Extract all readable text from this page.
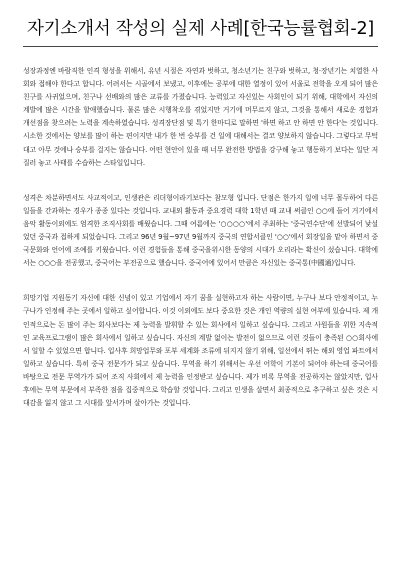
자기소개서 작성의 실제 사례[한국능률협회-2]

성장과정엔 바람직한 인격 형성을 위해서, 유년 시절은 자연과 벗하고, 청소년기는 친구와 벗하고, 청·장년기는 치열한 사회와 접해야 한다고 합니다. 어려서는 시골에서 보냈고, 이후에는 공부에 대한 열정이 있어 서울로 전학을 오게 되어 많은 친구를 사귀었으며, 친구나 선배와의 많은 교류를 가졌습니다. 능력있고 자신있는 사회인이 되기 위해, 대학에서 자신의 계발에 많은 시간을 할애했습니다. 물론 많은 시행착오를 겪었지만 거기에 머무르지 않고, 그것을 통해서 새로운 경험과 개선점을 찾으려는 노력을 계속하였습니다. 성격장단점 및 특기 한마디로 말하면 '하면 하고 안 하면 안 한다'는 것입니다. 시소한 것에서는 양보를 많이 하는 편이지만 내가 한 번 승부를 건 일에 대해서는 결코 양보하지 않습니다. 그렇다고 무턱대고 아무 것에나 승부를 걸지는 않습니다. 어떤 현안이 있을 때 너무 완전한 방법을 강구해 놓고 행동하기 보다는 일단 저질러 놓고 사태를 수습하는 스타일입니다.

성격은 차분하면서도 사교적이고, 인생관은 리더형이라기보다는 참모형 입니다. 단점은 한가지 일에 너무 몰두하여 다른 일들을 간과하는 경우가 종종 있다는 것입니다. 교내외 활동과 중요경력 대학 1학년 때 교내 써클인 ○○에 들어 거기에서 음악 활동이외에도 엄격한 조직사회를 배웠습니다. 그때 여름에는 '○○○○'에서 주최하는 '중국연수단'에 선발되어 낯설었던 중국과 접하게 되었습니다. 그리고 96년 9월~97년 9월까지 중국의 연합서클인 '○○'에서 회장일을 맡아 하면서 중국문화와 언어에 조예를 키웠습니다. 이런 경험들을 통해 중국을위시한 동양의 시대가 오리라는 확신이 섰습니다. 대학에서는 ○○○을 전공했고, 중국어는 부전공으로 했습니다. 중국어에 있어서 만큼은 자신있는 중국통(中國通)입니다.

희망기업 지원동기 자신에 대한 신념이 있고 기업에서 자기 꿈을 실현하고자 하는 사람이면, 누구나 보다 안정적이고, 누구나가 인정해 주는 곳에서 일하고 싶어합니다. 이것 이외에도 보다 중요한 것은 개인 역량의 실현 여부에 있습니다. 제 개인적으로는 돈 많이 주는 회사보다는 제 능력을 발휘할 수 있는 회사에서 일하고 싶습니다. 그리고 사원들을 위한 지속적인 교육프로그램이 많은 회사에서 일하고 싶습니다. 자신의 계발 없이는 발전이 없으므로 이런 것들이 충족된 ○○회사에서 일할 수 있었으면 합니다. 입사후 희망업무와 포부 세계화 조류에 뒤지지 않기 위해, 일선에서 뛰는 해외 영업 파트에서 일하고 싶습니다. 특히 중국 전문가가 되고 싶습니다. 무역을 하기 위해서는 우선 어학이 기본이 되어야 하는데 중국어를 바탕으로 전문 무역가가 되어 조직 사회에서 제 능력을 인정받고 싶습니다. 제가 비록 무역을 전공하지는 않았지만, 입사 후에는 무역 부문에서 부족한 점을 집중적으로 학습할 것입니다. 그리고 인생을 살면서 최종적으로 추구하고 싶은 것은 시대감을 잃지 않고 그 시대를 앞서가며 살아가는 것입니다.
